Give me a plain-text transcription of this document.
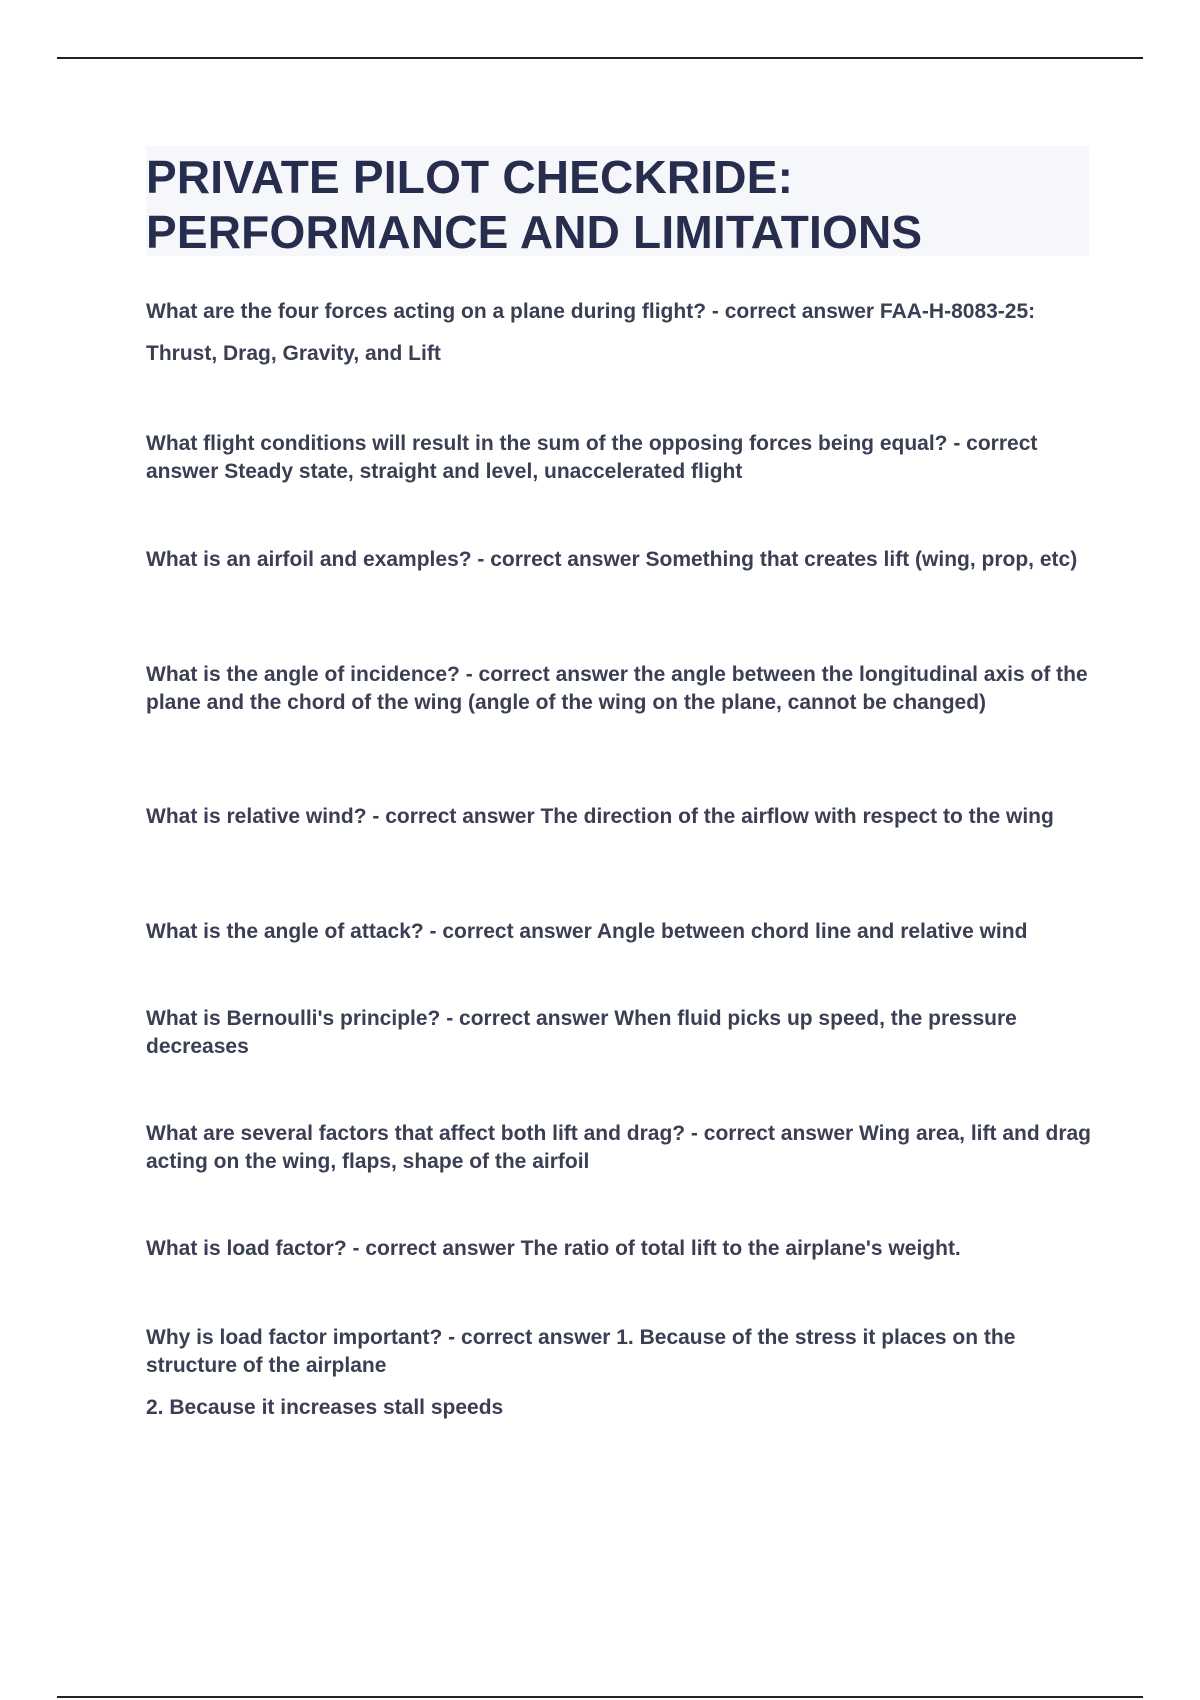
PRIVATE PILOT CHECKRIDE: PERFORMANCE AND LIMITATIONS

What are the four forces acting on a plane during flight? - correct answer FAA-H-8083-25:

Thrust, Drag, Gravity, and Lift

What flight conditions will result in the sum of the opposing forces being equal? - correct answer Steady state, straight and level, unaccelerated flight

What is an airfoil and examples? - correct answer Something that creates lift (wing, prop, etc)

What is the angle of incidence? - correct answer the angle between the longitudinal axis of the plane and the chord of the wing (angle of the wing on the plane, cannot be changed)

What is relative wind? - correct answer The direction of the airflow with respect to the wing

What is the angle of attack? - correct answer Angle between chord line and relative wind

What is Bernoulli's principle? - correct answer When fluid picks up speed, the pressure decreases

What are several factors that affect both lift and drag? - correct answer Wing area, lift and drag acting on the wing, flaps, shape of the airfoil

What is load factor? - correct answer The ratio of total lift to the airplane's weight.

Why is load factor important? - correct answer 1. Because of the stress it places on the structure of the airplane

2. Because it increases stall speeds
